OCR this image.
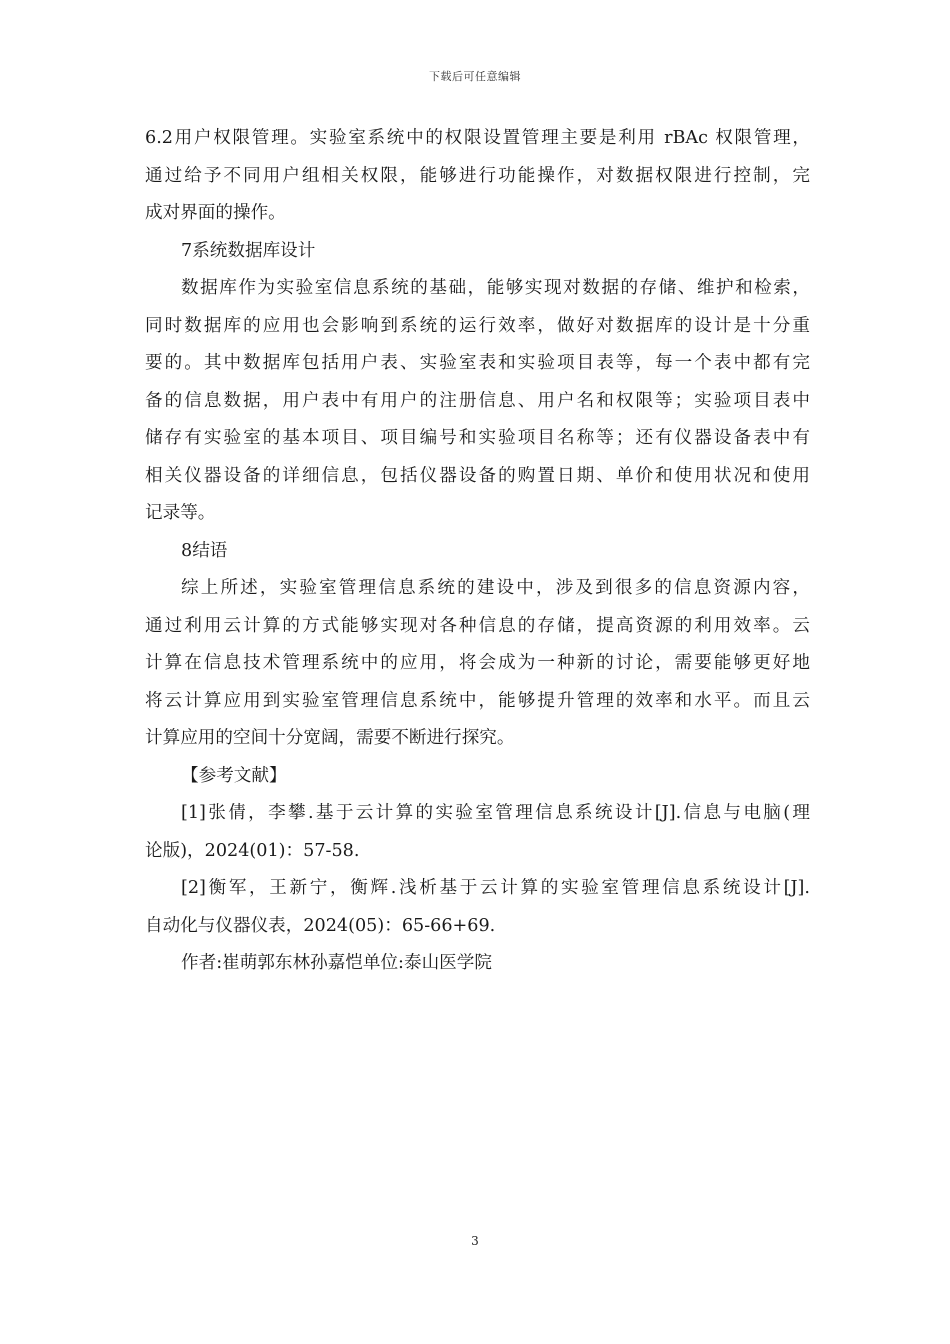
下载后可任意编辑
6.2用户权限管理。实验室系统中的权限设置管理主要是利用 rBAc 权限管理，
通过给予不同用户组相关权限，能够进行功能操作，对数据权限进行控制，完
成对界面的操作。
7系统数据库设计
数据库作为实验室信息系统的基础，能够实现对数据的存储、维护和检索，
同时数据库的应用也会影响到系统的运行效率，做好对数据库的设计是十分重
要的。其中数据库包括用户表、实验室表和实验项目表等，每一个表中都有完
备的信息数据，用户表中有用户的注册信息、用户名和权限等；实验项目表中
储存有实验室的基本项目、项目编号和实验项目名称等；还有仪器设备表中有
相关仪器设备的详细信息，包括仪器设备的购置日期、单价和使用状况和使用
记录等。
8结语
综上所述，实验室管理信息系统的建设中，涉及到很多的信息资源内容，
通过利用云计算的方式能够实现对各种信息的存储，提高资源的利用效率。云
计算在信息技术管理系统中的应用，将会成为一种新的讨论，需要能够更好地
将云计算应用到实验室管理信息系统中，能够提升管理的效率和水平。而且云
计算应用的空间十分宽阔，需要不断进行探究。
【参考文献】
[1]张倩，李攀.基于云计算的实验室管理信息系统设计[J].信息与电脑(理
论版)，2024(01)：57-58.
[2]衡军，王新宁，衡辉.浅析基于云计算的实验室管理信息系统设计[J].
自动化与仪器仪表，2024(05)：65-66+69.
作者:崔萌郭东林孙嘉恺单位:泰山医学院
3
